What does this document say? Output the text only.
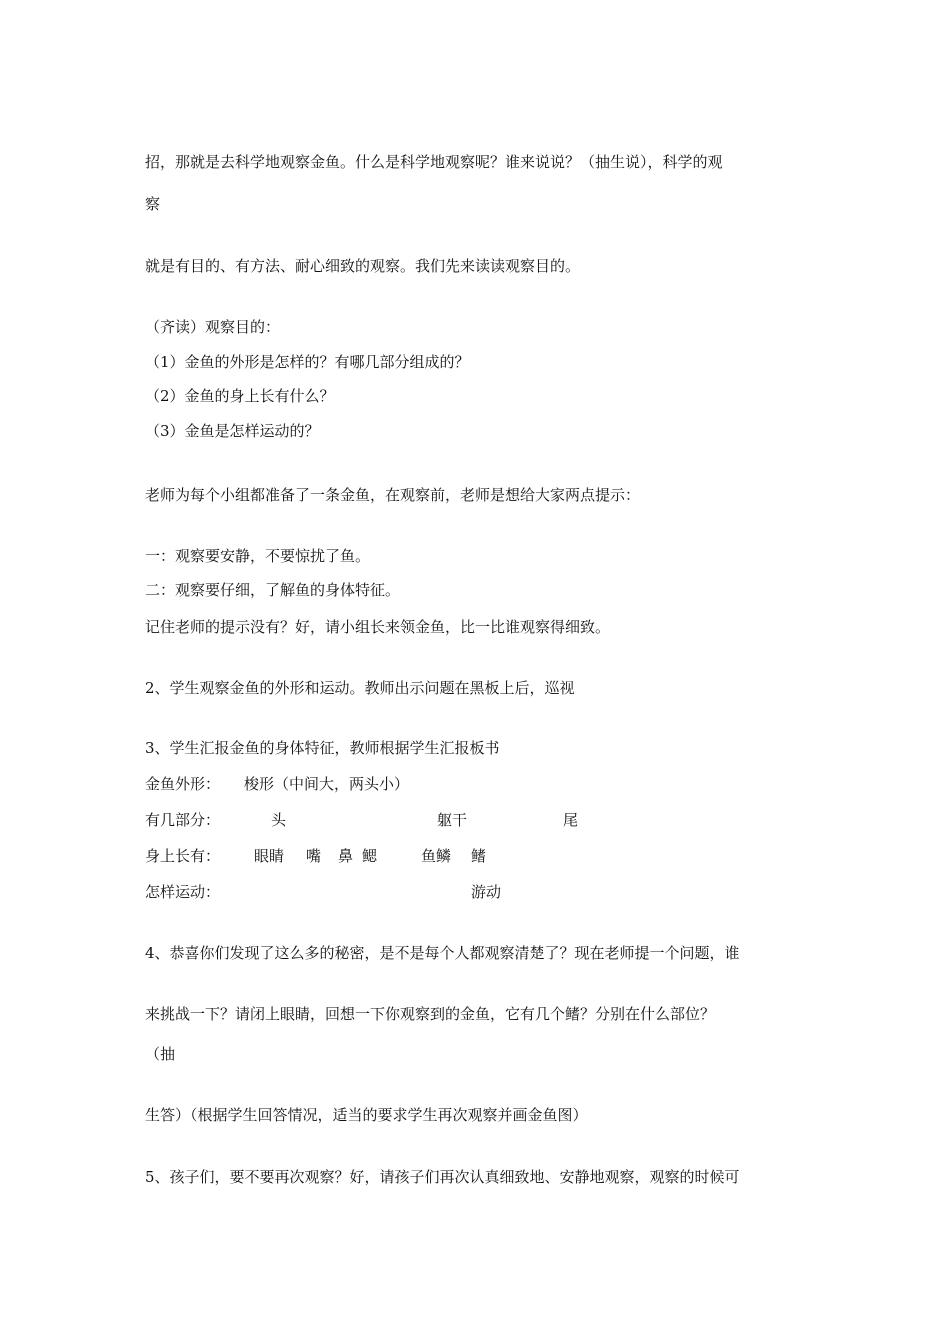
招，那就是去科学地观察金鱼。什么是科学地观察呢？谁来说说？（抽生说），科学的观

察

就是有目的、有方法、耐心细致的观察。我们先来读读观察目的。

（齐读）观察目的：

（1）金鱼的外形是怎样的？有哪几部分组成的？

（2）金鱼的身上长有什么？

（3）金鱼是怎样运动的？

老师为每个小组都准备了一条金鱼，在观察前，老师是想给大家两点提示：

一：观察要安静，不要惊扰了鱼。

二：观察要仔细，了解鱼的身体特征。

记住老师的提示没有？好，请小组长来领金鱼，比一比谁观察得细致。

2、学生观察金鱼的外形和运动。教师出示问题在黑板上后，巡视

3、学生汇报金鱼的身体特征，教师根据学生汇报板书

金鱼外形： 梭形（中间大，两头小）
有几部分：	头	躯干	尾
身上长有： 眼睛 嘴 鼻 鳃	鱼鳞 鳍
怎样运动：	游动

4、恭喜你们发现了这么多的秘密，是不是每个人都观察清楚了？现在老师提一个问题，谁

来挑战一下？请闭上眼睛，回想一下你观察到的金鱼，它有几个鳍？分别在什么部位？

（抽

生答）（根据学生回答情况，适当的要求学生再次观察并画金鱼图）

5、孩子们，要不要再次观察？好，请孩子们再次认真细致地、安静地观察，观察的时候可
